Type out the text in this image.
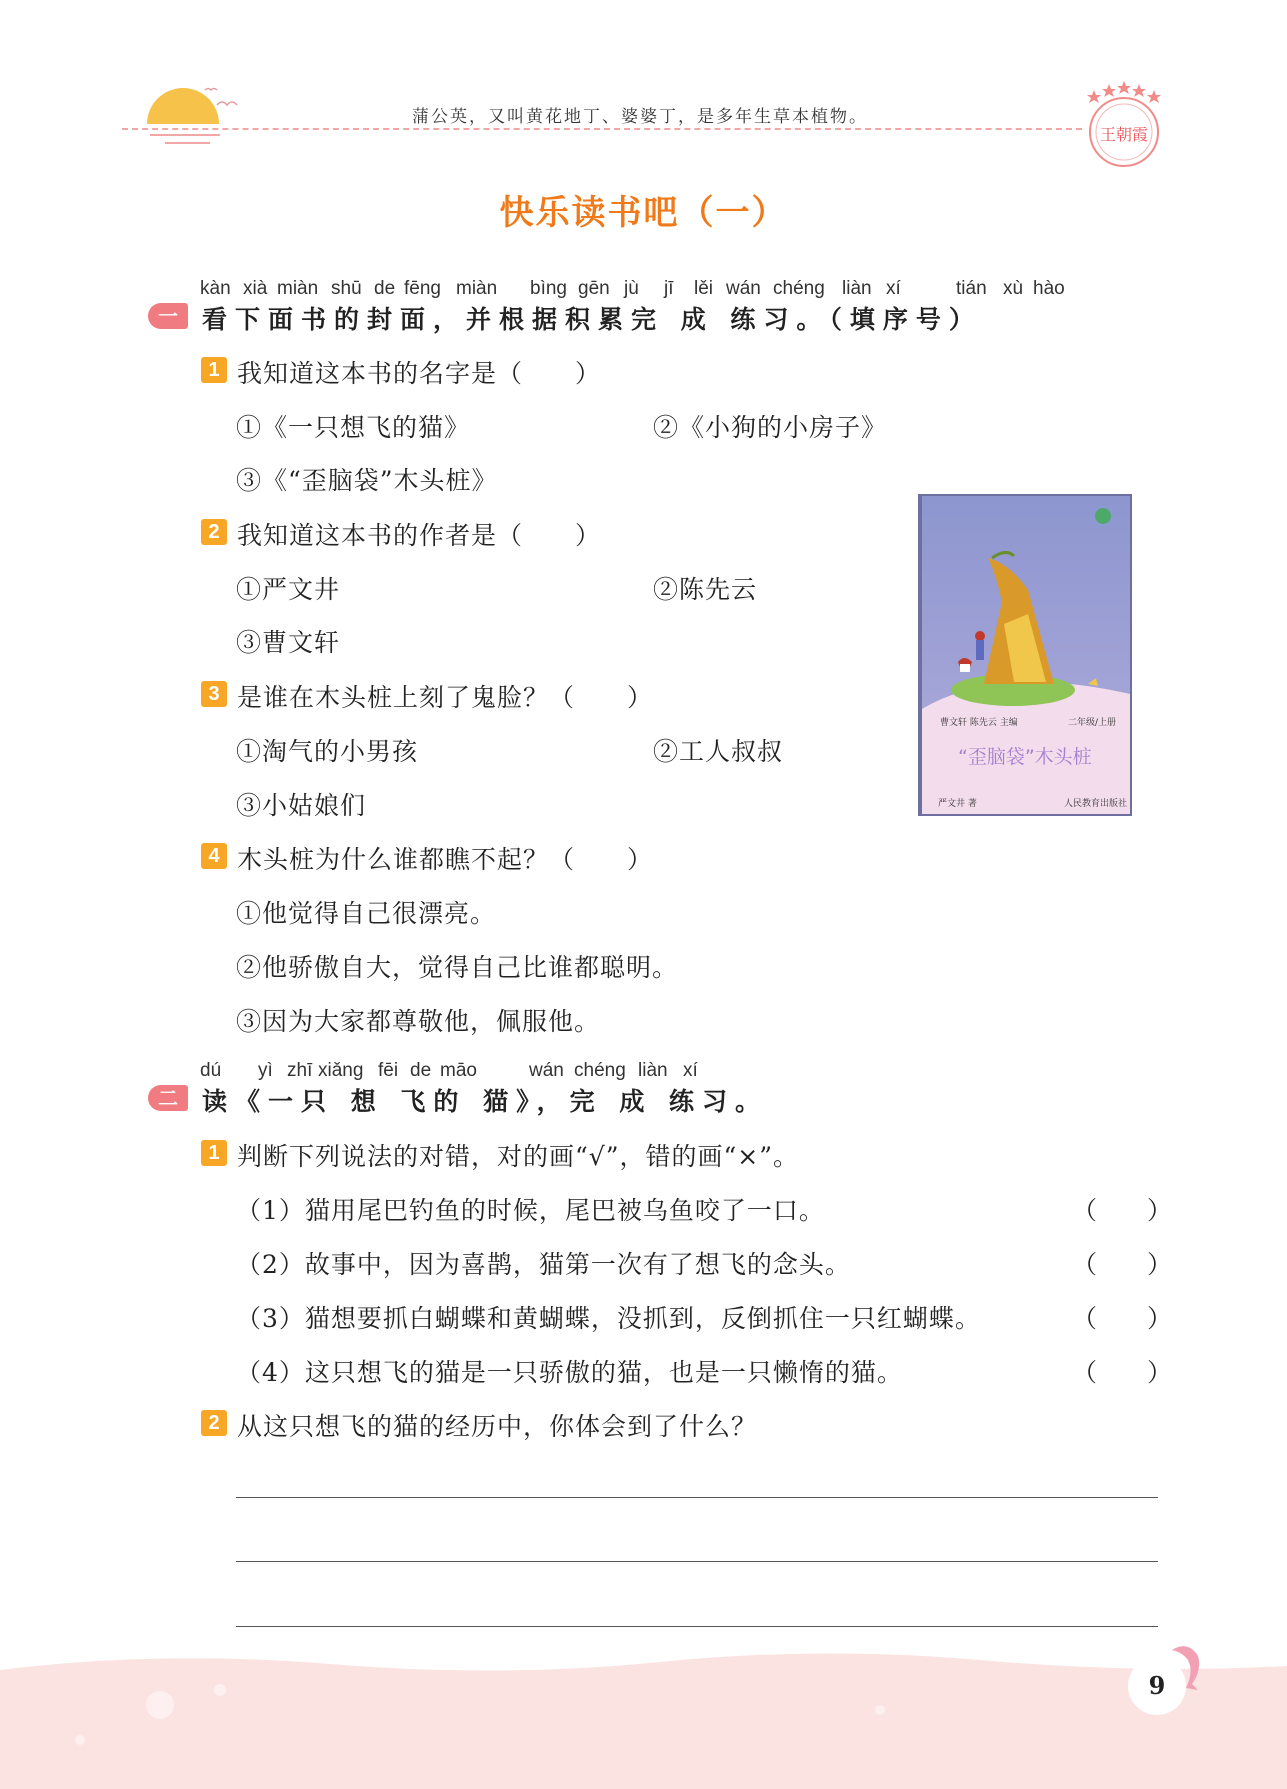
蒲公英，又叫黄花地丁、婆婆丁，是多年生草本植物。
王朝霞
快乐读书吧（一）
kàn xià miàn shū de fēng miàn bìng gēn jù jī lěi wán chéng liàn xí	tián xù hào
一 看下面书的封面，并根据积累完 成 练习。（填序号）
1 我知道这本书的名字是（　　）
①《一只想飞的猫》	②《小狗的小房子》
③《“歪脑袋”木头桩》
2 我知道这本书的作者是（　　）
①严文井	②陈先云
③曹文轩
3 是谁在木头桩上刻了鬼脸？（　　）
①淘气的小男孩	②工人叔叔
③小姑娘们
4 木头桩为什么谁都瞧不起？（　　）
①他觉得自己很漂亮。
②他骄傲自大，觉得自己比谁都聪明。
③因为大家都尊敬他，佩服他。
曹文轩 陈先云 主编	二年级/上册
“歪脑袋”木头桩
严文井 著	人民教育出版社
dú yì zhī xiǎng fēi de māo	wán chéng liàn xí
二 读《一只 想 飞的 猫》，完 成 练习。
1 判断下列说法的对错，对的画“√”，错的画“×”。
（1）猫用尾巴钓鱼的时候，尾巴被乌鱼咬了一口。	（　　）
（2）故事中，因为喜鹊，猫第一次有了想飞的念头。	（　　）
（3）猫想要抓白蝴蝶和黄蝴蝶，没抓到，反倒抓住一只红蝴蝶。	（　　）
（4）这只想飞的猫是一只骄傲的猫，也是一只懒惰的猫。	（　　）
2 从这只想飞的猫的经历中，你体会到了什么？
9
